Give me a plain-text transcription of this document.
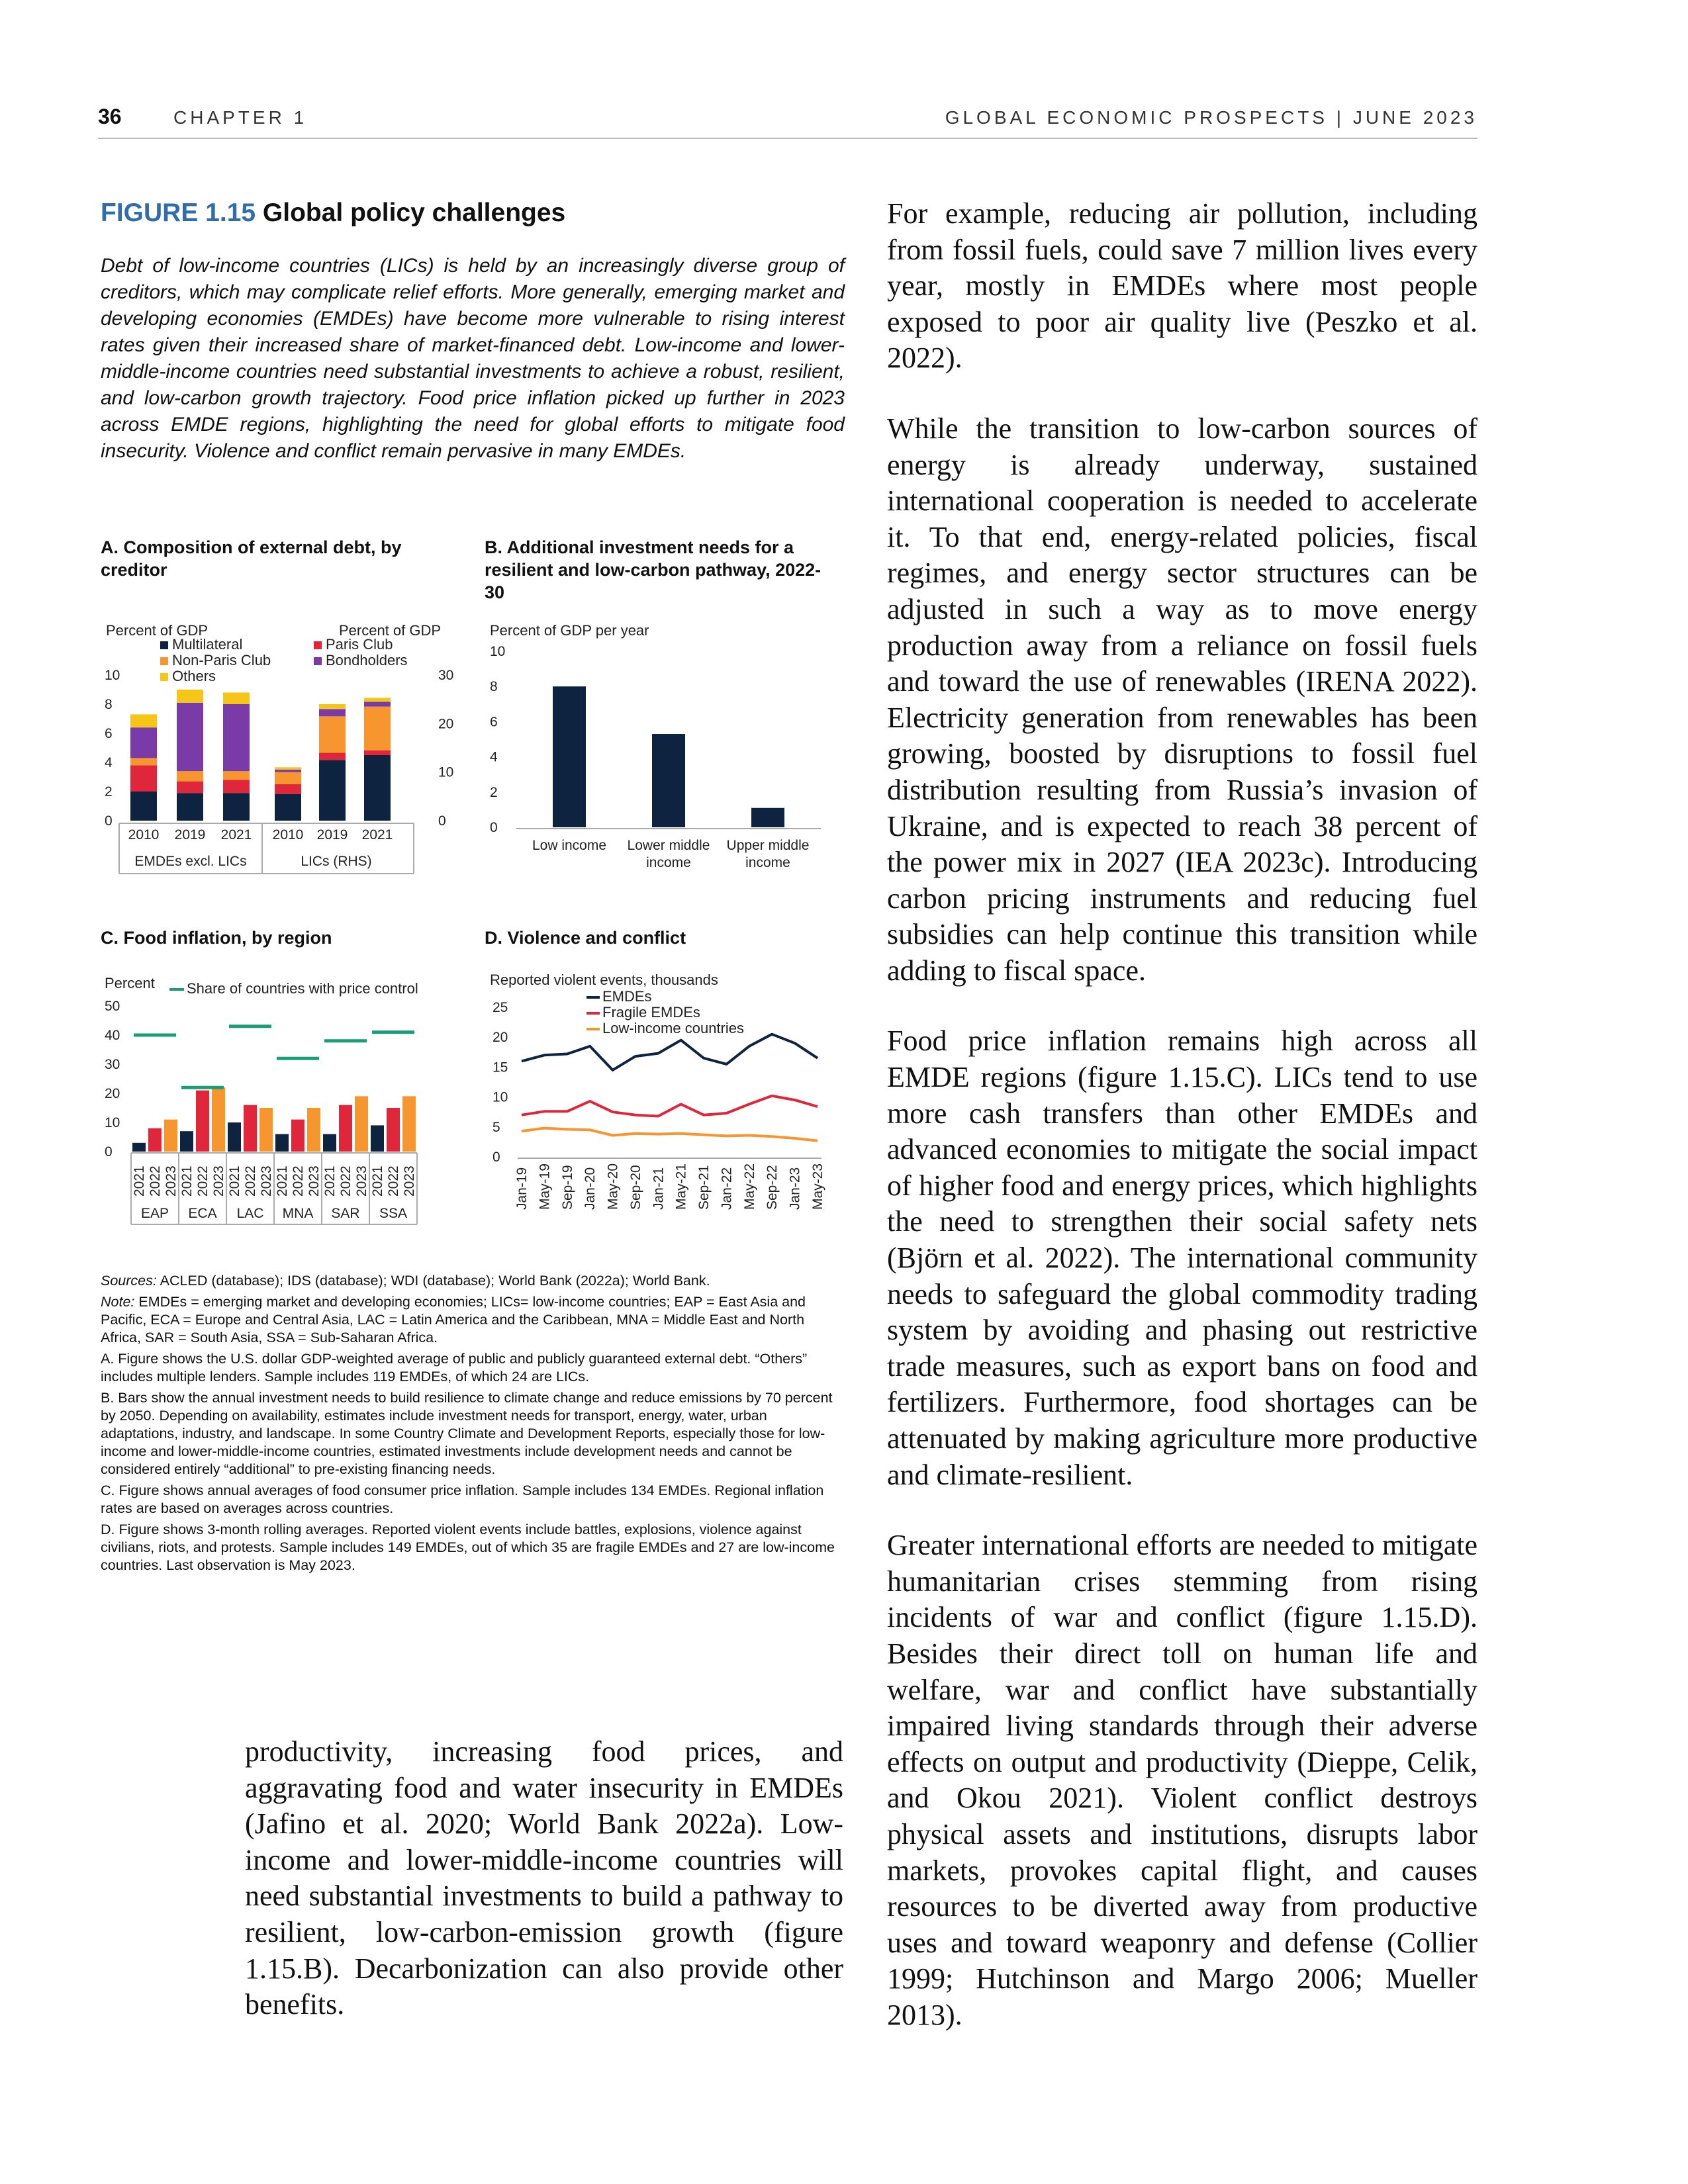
36	CHAPTER 1	GLOBAL ECONOMIC PROSPECTS | JUNE 2023
FIGURE 1.15 Global policy challenges
Debt of low-income countries (LICs) is held by an increasingly diverse group of creditors, which may complicate relief efforts. More generally, emerging market and developing economies (EMDEs) have become more vulnerable to rising interest rates given their increased share of market-financed debt. Low-income and lower-middle-income countries need substantial investments to achieve a robust, resilient, and low-carbon growth trajectory. Food price inflation picked up further in 2023 across EMDE regions, highlighting the need for global efforts to mitigate food insecurity. Violence and conflict remain pervasive in many EMDEs.
A. Composition of external debt, by creditor
Percent of GDP	Percent of GDP
Multilateral
Non-Paris Club
Others
Paris Club
Bondholders
0
2
4
6
8
10
0
10
20
30
2010 2019 2021 2010 2019 2021
EMDEs excl. LICs	LICs (RHS)
B. Additional investment needs for a resilient and low-carbon pathway, 2022-30
Percent of GDP per year
0
2
4
6
8
10
Low income Lower middle
income
Upper middle
income
C. Food inflation, by region
Percent	Share of countries with price control
0
10
20
30
40
50
2021 2022 2023 2021 2022 2023 2021 2022 2023 2021 2022 2023 2021 2022 2023 2021 2022 2023
EAP ECA LAC MNA SAR SSA
D. Violence and conflict
Reported violent events, thousands
EMDEs
Fragile EMDEs
Low-income countries
0
5
10
15
20
25
Jan-19 May-19 Sep-19 Jan-20 May-20 Sep-20 Jan-21 May-21 Sep-21 Jan-22 May-22 Sep-22 Jan-23 May-23

Sources: ACLED (database); IDS (database); WDI (database); World Bank (2022a); World Bank.

Note: EMDEs = emerging market and developing economies; LICs= low-income countries; EAP = East Asia and Pacific, ECA = Europe and Central Asia, LAC = Latin America and the Caribbean, MNA = Middle East and North Africa, SAR = South Asia, SSA = Sub-Saharan Africa.

A. Figure shows the U.S. dollar GDP-weighted average of public and publicly guaranteed external debt. “Others” includes multiple lenders. Sample includes 119 EMDEs, of which 24 are LICs.

B. Bars show the annual investment needs to build resilience to climate change and reduce emissions by 70 percent by 2050. Depending on availability, estimates include investment needs for transport, energy, water, urban adaptations, industry, and landscape. In some Country Climate and Development Reports, especially those for low-income and lower-middle-income countries, estimated investments include development needs and cannot be considered entirely “additional” to pre-existing financing needs.

C. Figure shows annual averages of food consumer price inflation. Sample includes 134 EMDEs. Regional inflation rates are based on averages across countries.

D. Figure shows 3-month rolling averages. Reported violent events include battles, explosions, violence against civilians, riots, and protests. Sample includes 149 EMDEs, out of which 35 are fragile EMDEs and 27 are low-income countries. Last observation is May 2023.

productivity, increasing food prices, and aggravating food and water insecurity in EMDEs (Jafino et al. 2020; World Bank 2022a). Low-income and lower-middle-income countries will need substantial investments to build a pathway to resilient, low-carbon-emission growth (figure 1.15.B). Decarbonization can also provide other benefits.

For example, reducing air pollution, including from fossil fuels, could save 7 million lives every year, mostly in EMDEs where most people exposed to poor air quality live (Peszko et al. 2022).

While the transition to low-carbon sources of energy is already underway, sustained international cooperation is needed to accelerate it. To that end, energy-related policies, fiscal regimes, and energy sector structures can be adjusted in such a way as to move energy production away from a reliance on fossil fuels and toward the use of renewables (IRENA 2022). Electricity generation from renewables has been growing, boosted by disruptions to fossil fuel distribution resulting from Russia’s invasion of Ukraine, and is expected to reach 38 percent of the power mix in 2027 (IEA 2023c). Introducing carbon pricing instruments and reducing fuel subsidies can help continue this transition while adding to fiscal space.

Food price inflation remains high across all EMDE regions (figure 1.15.C). LICs tend to use more cash transfers than other EMDEs and advanced economies to mitigate the social impact of higher food and energy prices, which highlights the need to strengthen their social safety nets (Björn et al. 2022). The international community needs to safeguard the global commodity trading system by avoiding and phasing out restrictive trade measures, such as export bans on food and fertilizers. Furthermore, food shortages can be attenuated by making agriculture more productive and climate-resilient.

Greater international efforts are needed to mitigate humanitarian crises stemming from rising incidents of war and conflict (figure 1.15.D). Besides their direct toll on human life and welfare, war and conflict have substantially impaired living standards through their adverse effects on output and productivity (Dieppe, Celik, and Okou 2021). Violent conflict destroys physical assets and institutions, disrupts labor markets, provokes capital flight, and causes resources to be diverted away from productive uses and toward weaponry and defense (Collier 1999; Hutchinson and Margo 2006; Mueller 2013).
